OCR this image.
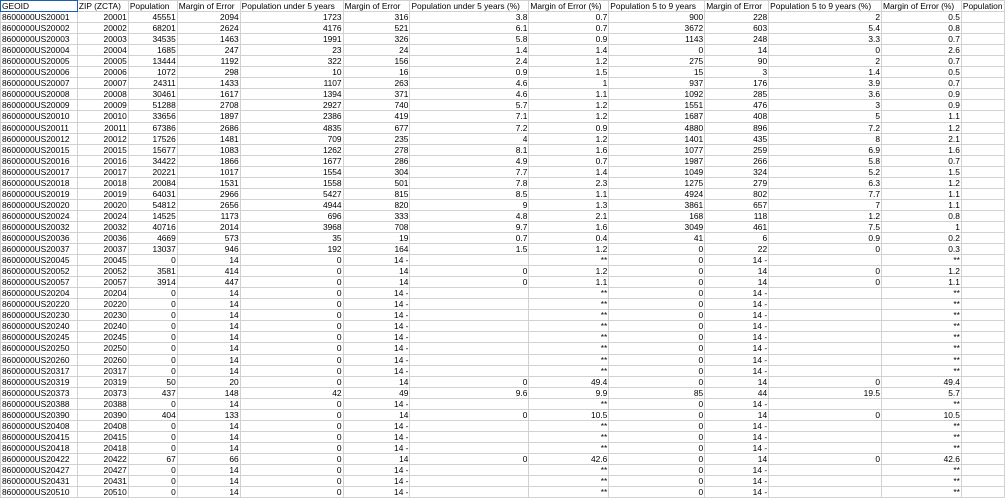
GEOID	ZIP (ZCTA)	Population	Margin of Error	Population under 5 years	Margin of Error	Population under 5 years (%)	Margin of Error (%)	Population 5 to 9 years	Margin of Error	Population 5 to 9 years (%)	Margin of Error (%)	Population
8600000US20001	20001	45551	2094	1723	316	3.8	0.7	900	228	2	0.5	
8600000US20002	20002	68201	2624	4176	521	6.1	0.7	3672	603	5.4	0.8	
8600000US20003	20003	34535	1463	1991	326	5.8	0.9	1143	248	3.3	0.7	
8600000US20004	20004	1685	247	23	24	1.4	1.4	0	14	0	2.6	
8600000US20005	20005	13444	1192	322	156	2.4	1.2	275	90	2	0.7	
8600000US20006	20006	1072	298	10	16	0.9	1.5	15	3	1.4	0.5	
8600000US20007	20007	24311	1433	1107	263	4.6	1	937	176	3.9	0.7	
8600000US20008	20008	30461	1617	1394	371	4.6	1.1	1092	285	3.6	0.9	
8600000US20009	20009	51288	2708	2927	740	5.7	1.2	1551	476	3	0.9	
8600000US20010	20010	33656	1897	2386	419	7.1	1.2	1687	408	5	1.1	
8600000US20011	20011	67386	2686	4835	677	7.2	0.9	4880	896	7.2	1.2	
8600000US20012	20012	17526	1481	709	235	4	1.2	1401	435	8	2.1	
8600000US20015	20015	15677	1083	1262	278	8.1	1.6	1077	259	6.9	1.6	
8600000US20016	20016	34422	1866	1677	286	4.9	0.7	1987	266	5.8	0.7	
8600000US20017	20017	20221	1017	1554	304	7.7	1.4	1049	324	5.2	1.5	
8600000US20018	20018	20084	1531	1558	501	7.8	2.3	1275	279	6.3	1.2	
8600000US20019	20019	64031	2966	5427	815	8.5	1.1	4924	802	7.7	1.1	
8600000US20020	20020	54812	2656	4944	820	9	1.3	3861	657	7	1.1	
8600000US20024	20024	14525	1173	696	333	4.8	2.1	168	118	1.2	0.8	
8600000US20032	20032	40716	2014	3968	708	9.7	1.6	3049	461	7.5	1	
8600000US20036	20036	4669	573	35	19	0.7	0.4	41	6	0.9	0.2	
8600000US20037	20037	13037	946	192	164	1.5	1.2	0	22	0	0.3	
8600000US20045	20045	0	14	0	14 -		**	0	14 -		**	
8600000US20052	20052	3581	414	0	14	0	1.2	0	14	0	1.2	
8600000US20057	20057	3914	447	0	14	0	1.1	0	14	0	1.1	
8600000US20204	20204	0	14	0	14 -		**	0	14 -		**	
8600000US20220	20220	0	14	0	14 -		**	0	14 -		**	
8600000US20230	20230	0	14	0	14 -		**	0	14 -		**	
8600000US20240	20240	0	14	0	14 -		**	0	14 -		**	
8600000US20245	20245	0	14	0	14 -		**	0	14 -		**	
8600000US20250	20250	0	14	0	14 -		**	0	14 -		**	
8600000US20260	20260	0	14	0	14 -		**	0	14 -		**	
8600000US20317	20317	0	14	0	14 -		**	0	14 -		**	
8600000US20319	20319	50	20	0	14	0	49.4	0	14	0	49.4	
8600000US20373	20373	437	148	42	49	9.6	9.9	85	44	19.5	5.7	
8600000US20388	20388	0	14	0	14 -		**	0	14 -		**	
8600000US20390	20390	404	133	0	14	0	10.5	0	14	0	10.5	
8600000US20408	20408	0	14	0	14 -		**	0	14 -		**	
8600000US20415	20415	0	14	0	14 -		**	0	14 -		**	
8600000US20418	20418	0	14	0	14 -		**	0	14 -		**	
8600000US20422	20422	67	66	0	14	0	42.6	0	14	0	42.6	
8600000US20427	20427	0	14	0	14 -		**	0	14 -		**	
8600000US20431	20431	0	14	0	14 -		**	0	14 -		**	
8600000US20510	20510	0	14	0	14 -		**	0	14 -		**	
